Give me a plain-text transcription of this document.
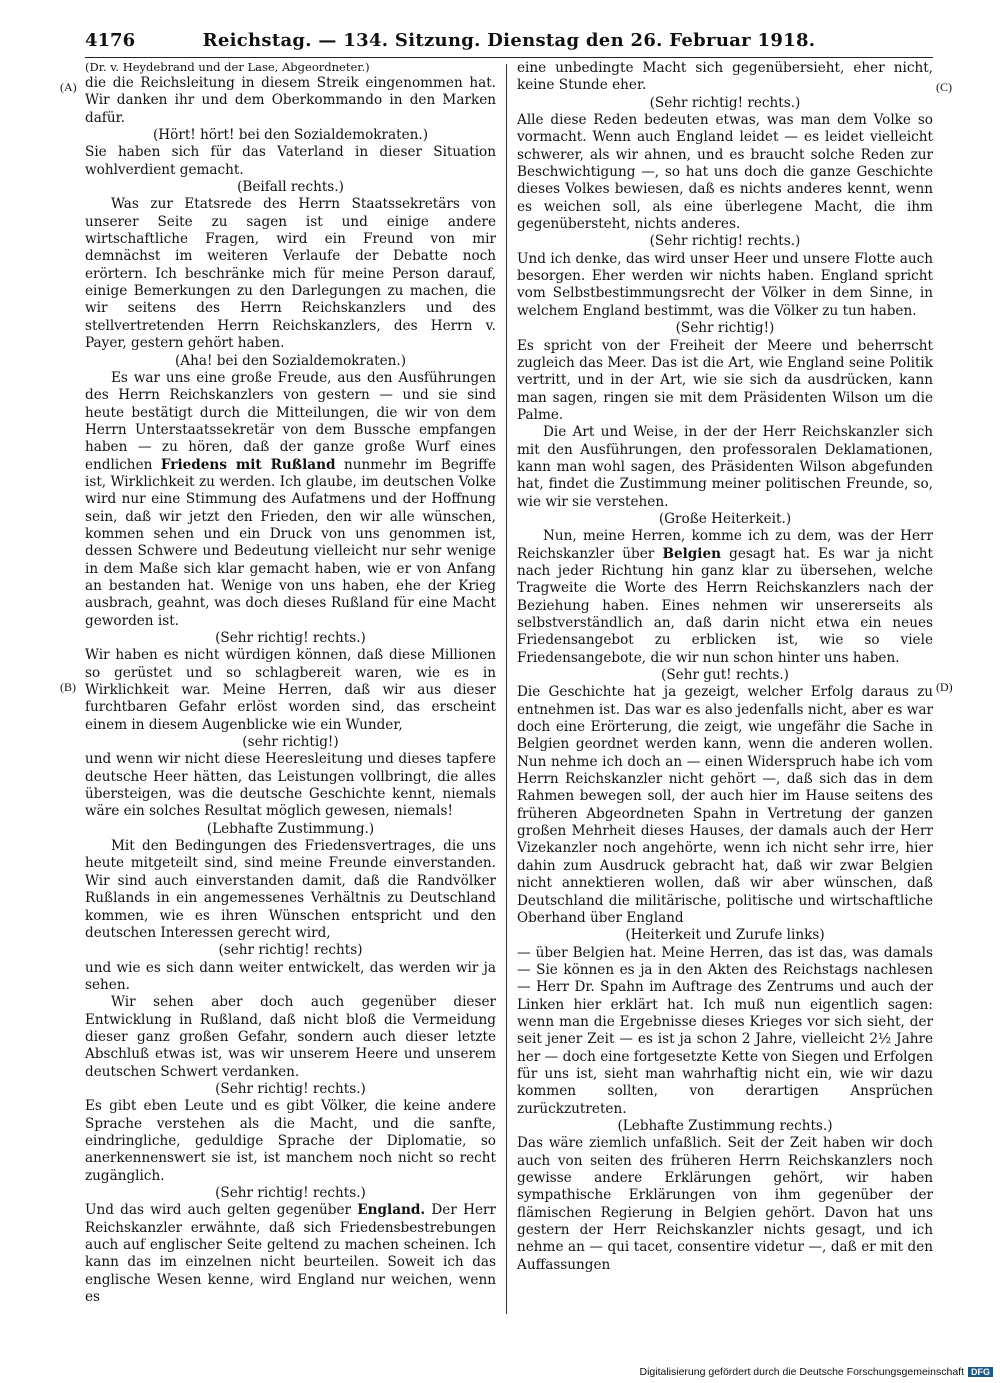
4176	Reichstag. — 134. Sitzung. Dienstag den 26. Februar 1918.
(A)
(B)
(C)
(D)

(Dr. v. Heydebrand und der Lase, Abgeordneter.)

die die Reichsleitung in diesem Streik eingenommen hat. Wir danken ihr und dem Oberkommando in den Marken dafür.

(Hört! hört! bei den Sozialdemokraten.)

Sie haben sich für das Vaterland in dieser Situation wohlverdient gemacht.

(Beifall rechts.)

Was zur Etatsrede des Herrn Staatssekretärs von unserer Seite zu sagen ist und einige andere wirtschaftliche Fragen, wird ein Freund von mir demnächst im weiteren Verlaufe der Debatte noch erörtern. Ich beschränke mich für meine Person darauf, einige Bemerkungen zu den Darlegungen zu machen, die wir seitens des Herrn Reichskanzlers und des stellvertretenden Herrn Reichskanzlers, des Herrn v. Payer, gestern gehört haben.

(Aha! bei den Sozialdemokraten.)

Es war uns eine große Freude, aus den Ausführungen des Herrn Reichskanzlers von gestern — und sie sind heute bestätigt durch die Mitteilungen, die wir von dem Herrn Unterstaatssekretär von dem Bussche empfangen haben — zu hören, daß der ganze große Wurf eines endlichen Friedens mit Rußland nunmehr im Begriffe ist, Wirklichkeit zu werden. Ich glaube, im deutschen Volke wird nur eine Stimmung des Aufatmens und der Hoffnung sein, daß wir jetzt den Frieden, den wir alle wünschen, kommen sehen und ein Druck von uns genommen ist, dessen Schwere und Bedeutung vielleicht nur sehr wenige in dem Maße sich klar gemacht haben, wie er von Anfang an bestanden hat. Wenige von uns haben, ehe der Krieg ausbrach, geahnt, was doch dieses Rußland für eine Macht geworden ist.

(Sehr richtig! rechts.)

Wir haben es nicht würdigen können, daß diese Millionen so gerüstet und so schlagbereit waren, wie es in Wirklichkeit war. Meine Herren, daß wir aus dieser furchtbaren Gefahr erlöst worden sind, das erscheint einem in diesem Augenblicke wie ein Wunder,

(sehr richtig!)

und wenn wir nicht diese Heeresleitung und dieses tapfere deutsche Heer hätten, das Leistungen vollbringt, die alles übersteigen, was die deutsche Geschichte kennt, niemals wäre ein solches Resultat möglich gewesen, niemals!

(Lebhafte Zustimmung.)

Mit den Bedingungen des Friedensvertrages, die uns heute mitgeteilt sind, sind meine Freunde einverstanden. Wir sind auch einverstanden damit, daß die Randvölker Rußlands in ein angemessenes Verhältnis zu Deutschland kommen, wie es ihren Wünschen entspricht und den deutschen Interessen gerecht wird,

(sehr richtig! rechts)

und wie es sich dann weiter entwickelt, das werden wir ja sehen.

Wir sehen aber doch auch gegenüber dieser Entwicklung in Rußland, daß nicht bloß die Vermeidung dieser ganz großen Gefahr, sondern auch dieser letzte Abschluß etwas ist, was wir unserem Heere und unserem deutschen Schwert verdanken.

(Sehr richtig! rechts.)

Es gibt eben Leute und es gibt Völker, die keine andere Sprache verstehen als die Macht, und die sanfte, eindringliche, geduldige Sprache der Diplomatie, so anerkennenswert sie ist, ist manchem noch nicht so recht zugänglich.

(Sehr richtig! rechts.)

Und das wird auch gelten gegenüber England. Der Herr Reichskanzler erwähnte, daß sich Friedensbestrebungen auch auf englischer Seite geltend zu machen scheinen. Ich kann das im einzelnen nicht beurteilen. Soweit ich das englische Wesen kenne, wird England nur weichen, wenn es

eine unbedingte Macht sich gegenübersieht, eher nicht, keine Stunde eher.

(Sehr richtig! rechts.)

Alle diese Reden bedeuten etwas, was man dem Volke so vormacht. Wenn auch England leidet — es leidet vielleicht schwerer, als wir ahnen, und es braucht solche Reden zur Beschwichtigung —, so hat uns doch die ganze Geschichte dieses Volkes bewiesen, daß es nichts anderes kennt, wenn es weichen soll, als eine überlegene Macht, die ihm gegenübersteht, nichts anderes.

(Sehr richtig! rechts.)

Und ich denke, das wird unser Heer und unsere Flotte auch besorgen. Eher werden wir nichts haben. England spricht vom Selbstbestimmungsrecht der Völker in dem Sinne, in welchem England bestimmt, was die Völker zu tun haben.

(Sehr richtig!)

Es spricht von der Freiheit der Meere und beherrscht zugleich das Meer. Das ist die Art, wie England seine Politik vertritt, und in der Art, wie sie sich da ausdrücken, kann man sagen, ringen sie mit dem Präsidenten Wilson um die Palme.

Die Art und Weise, in der der Herr Reichskanzler sich mit den Ausführungen, den professoralen Deklamationen, kann man wohl sagen, des Präsidenten Wilson abgefunden hat, findet die Zustimmung meiner politischen Freunde, so, wie wir sie verstehen.

(Große Heiterkeit.)

Nun, meine Herren, komme ich zu dem, was der Herr Reichskanzler über Belgien gesagt hat. Es war ja nicht nach jeder Richtung hin ganz klar zu übersehen, welche Tragweite die Worte des Herrn Reichskanzlers nach der Beziehung haben. Eines nehmen wir unsererseits als selbstverständlich an, daß darin nicht etwa ein neues Friedensangebot zu erblicken ist, wie so viele Friedensangebote, die wir nun schon hinter uns haben.

(Sehr gut! rechts.)

Die Geschichte hat ja gezeigt, welcher Erfolg daraus zu entnehmen ist. Das war es also jedenfalls nicht, aber es war doch eine Erörterung, die zeigt, wie ungefähr die Sache in Belgien geordnet werden kann, wenn die anderen wollen. Nun nehme ich doch an — einen Widerspruch habe ich vom Herrn Reichskanzler nicht gehört —, daß sich das in dem Rahmen bewegen soll, der auch hier im Hause seitens des früheren Abgeordneten Spahn in Vertretung der ganzen großen Mehrheit dieses Hauses, der damals auch der Herr Vizekanzler noch angehörte, wenn ich nicht sehr irre, hier dahin zum Ausdruck gebracht hat, daß wir zwar Belgien nicht annektieren wollen, daß wir aber wünschen, daß Deutschland die militärische, politische und wirtschaftliche Oberhand über England

(Heiterkeit und Zurufe links)

— über Belgien hat. Meine Herren, das ist das, was damals — Sie können es ja in den Akten des Reichstags nachlesen — Herr Dr. Spahn im Auftrage des Zentrums und auch der Linken hier erklärt hat. Ich muß nun eigentlich sagen: wenn man die Ergebnisse dieses Krieges vor sich sieht, der seit jener Zeit — es ist ja schon 2 Jahre, vielleicht 2½ Jahre her — doch eine fortgesetzte Kette von Siegen und Erfolgen für uns ist, sieht man wahrhaftig nicht ein, wie wir dazu kommen sollten, von derartigen Ansprüchen zurückzutreten.

(Lebhafte Zustimmung rechts.)

Das wäre ziemlich unfaßlich. Seit der Zeit haben wir doch auch von seiten des früheren Herrn Reichskanzlers noch gewisse andere Erklärungen gehört, wir haben sympathische Erklärungen von ihm gegenüber der flämischen Regierung in Belgien gehört. Davon hat uns gestern der Herr Reichskanzler nichts gesagt, und ich nehme an — qui tacet, consentire videtur —, daß er mit den Auffassungen

Digitalisierung gefördert durch die Deutsche Forschungsgemeinschaft DFG
